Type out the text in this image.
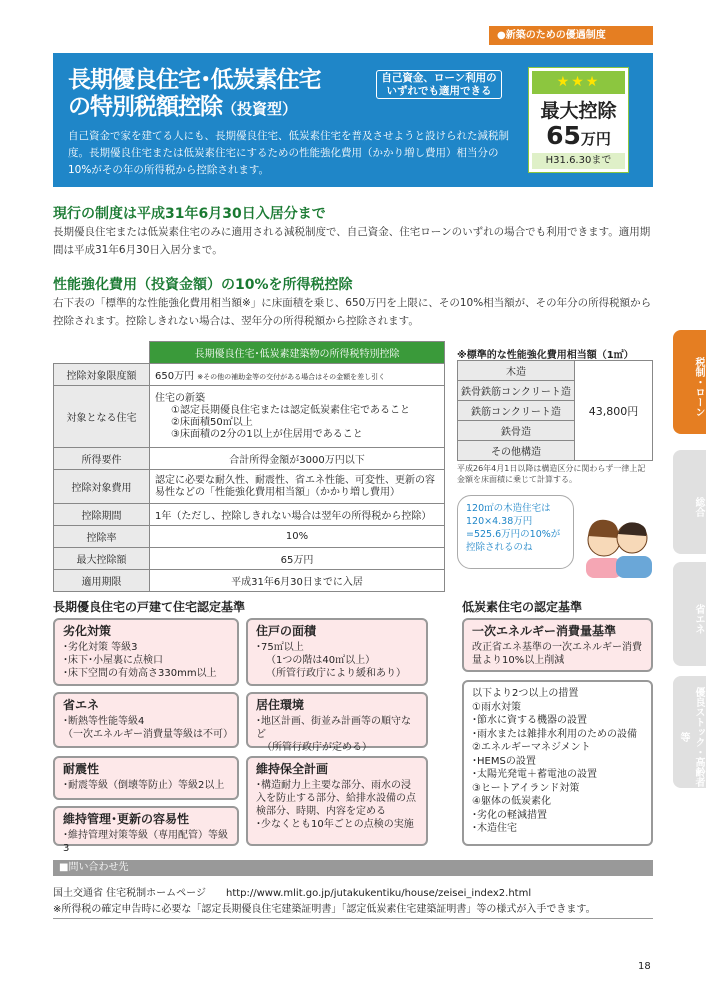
●新築のための優遇制度
長期優良住宅･低炭素住宅
の特別税額控除（投資型）
自己資金、ローン利用の
いずれでも適用できる
★★★
最大控除
65万円
H31.6.30まで

自己資金で家を建てる人にも、長期優良住宅、低炭素住宅を普及させようと設けられた減税制度。長期優良住宅または低炭素住宅にするための性能強化費用（かかり増し費用）相当分の10%がその年の所得税から控除されます。

現行の制度は平成31年6月30日入居分まで
長期優良住宅または低炭素住宅のみに適用される減税制度で、自己資金、住宅ローンのいずれの場合でも利用できます。適用期間は平成31年6月30日入居分まで。
性能強化費用（投資金額）の10%を所得税控除
右下表の「標準的な性能強化費用相当額※」に床面積を乗じ、650万円を上限に、その10%相当額が、その年分の所得税額から控除されます。控除しきれない場合は、翌年分の所得税額から控除されます。
	長期優良住宅･低炭素建築物の所得税特別控除
控除対象限度額	650万円 ※その他の補助金等の交付がある場合はその金額を差し引く
対象となる住宅	住宅の新築
①認定長期優良住宅または認定低炭素住宅であること
②床面積50㎡以上
③床面積の2分の1以上が住居用であること

所得要件	合計所得金額が3000万円以下
控除対象費用	認定に必要な耐久性、耐震性、省エネ性能、可変性、更新の容易性などの「性能強化費用相当額」（かかり増し費用）
控除期間	1年（ただし、控除しきれない場合は翌年の所得税から控除）
控除率	10%
最大控除額	65万円
適用期限	平成31年6月30日までに入居
※標準的な性能強化費用相当額（1㎡）
木造	43,800円
鉄骨鉄筋コンクリート造
鉄筋コンクリート造
鉄骨造
その他構造
平成26年4月1日以降は構造区分に関わらず一律上記金額を床面積に乗じて計算する。
120㎡の木造住宅は120×4.38万円=525.6万円の10%が控除されるのね
長期優良住宅の戸建て住宅認定基準
劣化対策
･劣化対策 等級3
･床下･小屋裏に点検口
･床下空間の有効高さ330mm以上
住戸の面積
･75㎡以上
（1つの階は40㎡以上）
（所管行政庁により緩和あり）
省エネ
･断熱等性能等級4
（一次エネルギー消費量等級は不可）
居住環境
･地区計画、街並み計画等の順守など
（所管行政庁が定める）
耐震性
･耐震等級（倒壊等防止）等級2以上
維持保全計画
･構造耐力上主要な部分、雨水の浸入を防止する部分、給排水設備の点検部分、時期、内容を定める
･少なくとも10年ごとの点検の実施
維持管理･更新の容易性
･維持管理対策等級（専用配管）等級3
低炭素住宅の認定基準
一次エネルギー消費量基準
改正省エネ基準の一次エネルギー消費量より10%以上削減
以下より2つ以上の措置
①雨水対策
･節水に資する機器の設置
･雨水または雑排水利用のための設備
②エネルギーマネジメント
･HEMSの設置
･太陽光発電＋蓄電池の設置
③ヒートアイランド対策
④躯体の低炭素化
･劣化の軽減措置
･木造住宅
■問い合わせ先
国土交通省 住宅税制ホームページ　　http://www.mlit.go.jp/jutakukentiku/house/zeisei_index2.html
※所得税の確定申告時に必要な「認定長期優良住宅建築証明書」「認定低炭素住宅建築証明書」等の様式が入手できます。
税制・ローン
総合
省エネ
優良ストック・高齢者等
18
